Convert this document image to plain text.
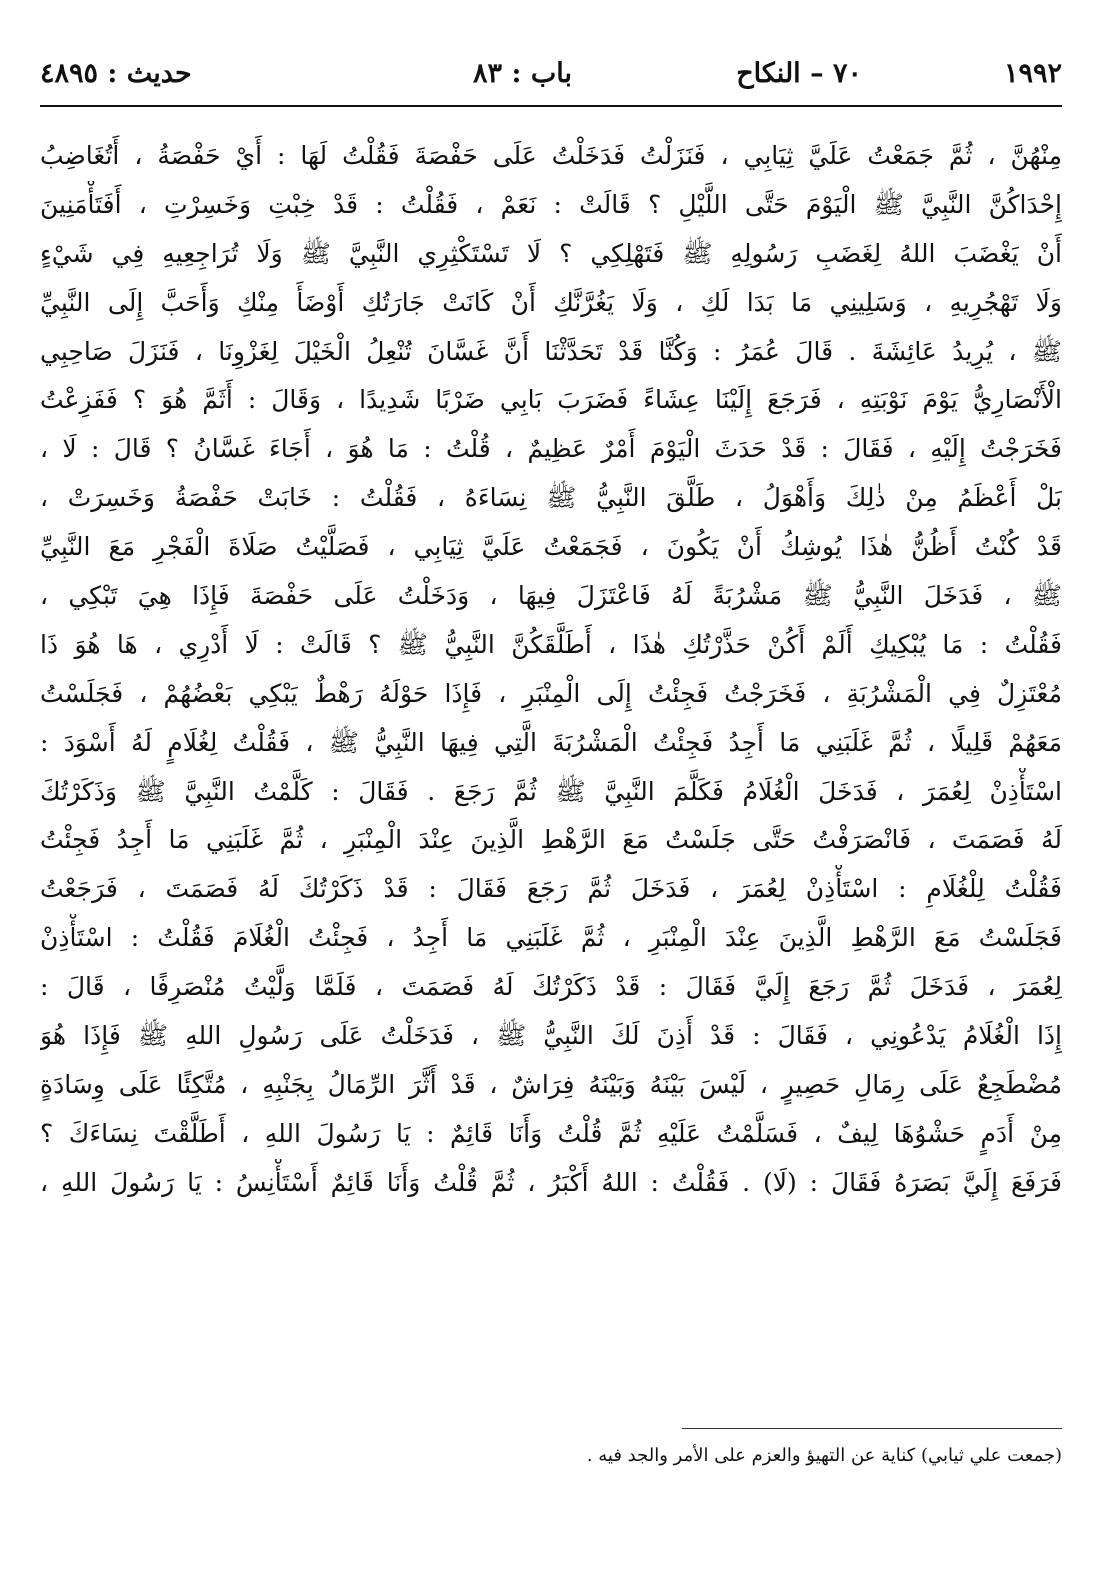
١٩٩٢
٧٠ – النكاح
باب : ٨٣
حديث : ٤٨٩٥
مِنْهُنَّ ، ثُمَّ جَمَعْتُ عَلَيَّ ثِيَابِي ، فَنَزَلْتُ فَدَخَلْتُ عَلَى حَفْصَةَ فَقُلْتُ لَهَا : أَيْ حَفْصَةُ ، أَتُغَاضِبُ
إِحْدَاكُنَّ النَّبِيَّ ﷺ الْيَوْمَ حَتَّى اللَّيْلِ ؟ قَالَتْ : نَعَمْ ، فَقُلْتُ : قَدْ خِبْتِ وَخَسِرْتِ ، أَفَتَأْمَنِينَ
أَنْ يَغْضَبَ اللهُ لِغَضَبِ رَسُولِهِ ﷺ فَتَهْلِكِي ؟ لَا تَسْتَكْثِرِي النَّبِيَّ ﷺ وَلَا تُرَاجِعِيهِ فِي شَيْءٍ
وَلَا تَهْجُرِيهِ ، وَسَلِينِي مَا بَدَا لَكِ ، وَلَا يَغُرَّنَّكِ أَنْ كَانَتْ جَارَتُكِ أَوْضَأَ مِنْكِ وَأَحَبَّ إِلَى النَّبِيِّ
ﷺ ، يُرِيدُ عَائِشَةَ . قَالَ عُمَرُ : وَكُنَّا قَدْ تَحَدَّثْنَا أَنَّ غَسَّانَ تُنْعِلُ الْخَيْلَ لِغَزْوِنَا ، فَنَزَلَ صَاحِبِي
الْأَنْصَارِيُّ يَوْمَ نَوْبَتِهِ ، فَرَجَعَ إِلَيْنَا عِشَاءً فَضَرَبَ بَابِي ضَرْبًا شَدِيدًا ، وَقَالَ : أَثَمَّ هُوَ ؟ فَفَزِعْتُ
فَخَرَجْتُ إِلَيْهِ ، فَقَالَ : قَدْ حَدَثَ الْيَوْمَ أَمْرٌ عَظِيمٌ ، قُلْتُ : مَا هُوَ ، أَجَاءَ غَسَّانُ ؟ قَالَ : لَا ،
بَلْ أَعْظَمُ مِنْ ذٰلِكَ وَأَهْوَلُ ، طَلَّقَ النَّبِيُّ ﷺ نِسَاءَهُ ، فَقُلْتُ : خَابَتْ حَفْصَةُ وَخَسِرَتْ ،
قَدْ كُنْتُ أَظُنُّ هٰذَا يُوشِكُ أَنْ يَكُونَ ، فَجَمَعْتُ عَلَيَّ ثِيَابِي ، فَصَلَّيْتُ صَلَاةَ الْفَجْرِ مَعَ النَّبِيِّ
ﷺ ، فَدَخَلَ النَّبِيُّ ﷺ مَشْرُبَةً لَهُ فَاعْتَزَلَ فِيهَا ، وَدَخَلْتُ عَلَى حَفْصَةَ فَإِذَا هِيَ تَبْكِي ،
فَقُلْتُ : مَا يُبْكِيكِ أَلَمْ أَكُنْ حَذَّرْتُكِ هٰذَا ، أَطَلَّقَكُنَّ النَّبِيُّ ﷺ ؟ قَالَتْ : لَا أَدْرِي ، هَا هُوَ ذَا
مُعْتَزِلٌ فِي الْمَشْرُبَةِ ، فَخَرَجْتُ فَجِئْتُ إِلَى الْمِنْبَرِ ، فَإِذَا حَوْلَهُ رَهْطٌ يَبْكِي بَعْضُهُمْ ، فَجَلَسْتُ
مَعَهُمْ قَلِيلًا ، ثُمَّ غَلَبَنِي مَا أَجِدُ فَجِئْتُ الْمَشْرُبَةَ الَّتِي فِيهَا النَّبِيُّ ﷺ ، فَقُلْتُ لِغُلَامٍ لَهُ أَسْوَدَ :
اسْتَأْذِنْ لِعُمَرَ ، فَدَخَلَ الْغُلَامُ فَكَلَّمَ النَّبِيَّ ﷺ ثُمَّ رَجَعَ . فَقَالَ : كَلَّمْتُ النَّبِيَّ ﷺ وَذَكَرْتُكَ
لَهُ فَصَمَتَ ، فَانْصَرَفْتُ حَتَّى جَلَسْتُ مَعَ الرَّهْطِ الَّذِينَ عِنْدَ الْمِنْبَرِ ، ثُمَّ غَلَبَنِي مَا أَجِدُ فَجِئْتُ
فَقُلْتُ لِلْغُلَامِ : اسْتَأْذِنْ لِعُمَرَ ، فَدَخَلَ ثُمَّ رَجَعَ فَقَالَ : قَدْ ذَكَرْتُكَ لَهُ فَصَمَتَ ، فَرَجَعْتُ
فَجَلَسْتُ مَعَ الرَّهْطِ الَّذِينَ عِنْدَ الْمِنْبَرِ ، ثُمَّ غَلَبَنِي مَا أَجِدُ ، فَجِئْتُ الْغُلَامَ فَقُلْتُ : اسْتَأْذِنْ
لِعُمَرَ ، فَدَخَلَ ثُمَّ رَجَعَ إِلَيَّ فَقَالَ : قَدْ ذَكَرْتُكَ لَهُ فَصَمَتَ ، فَلَمَّا وَلَّيْتُ مُنْصَرِفًا ، قَالَ :
إِذَا الْغُلَامُ يَدْعُونِي ، فَقَالَ : قَدْ أَذِنَ لَكَ النَّبِيُّ ﷺ ، فَدَخَلْتُ عَلَى رَسُولِ اللهِ ﷺ فَإِذَا هُوَ
مُضْطَجِعٌ عَلَى رِمَالِ حَصِيرٍ ، لَيْسَ بَيْنَهُ وَبَيْنَهُ فِرَاشٌ ، قَدْ أَثَّرَ الرِّمَالُ بِجَنْبِهِ ، مُتَّكِئًا عَلَى وِسَادَةٍ
مِنْ أَدَمٍ حَشْوُهَا لِيفٌ ، فَسَلَّمْتُ عَلَيْهِ ثُمَّ قُلْتُ وَأَنَا قَائِمٌ : يَا رَسُولَ اللهِ ، أَطَلَّقْتَ نِسَاءَكَ ؟
فَرَفَعَ إِلَيَّ بَصَرَهُ فَقَالَ : (لَا) . فَقُلْتُ : اللهُ أَكْبَرُ ، ثُمَّ قُلْتُ وَأَنَا قَائِمٌ أَسْتَأْنِسُ : يَا رَسُولَ اللهِ ،
(جمعت علي ثيابي) كناية عن التهيؤ والعزم على الأمر والجد فيه .
